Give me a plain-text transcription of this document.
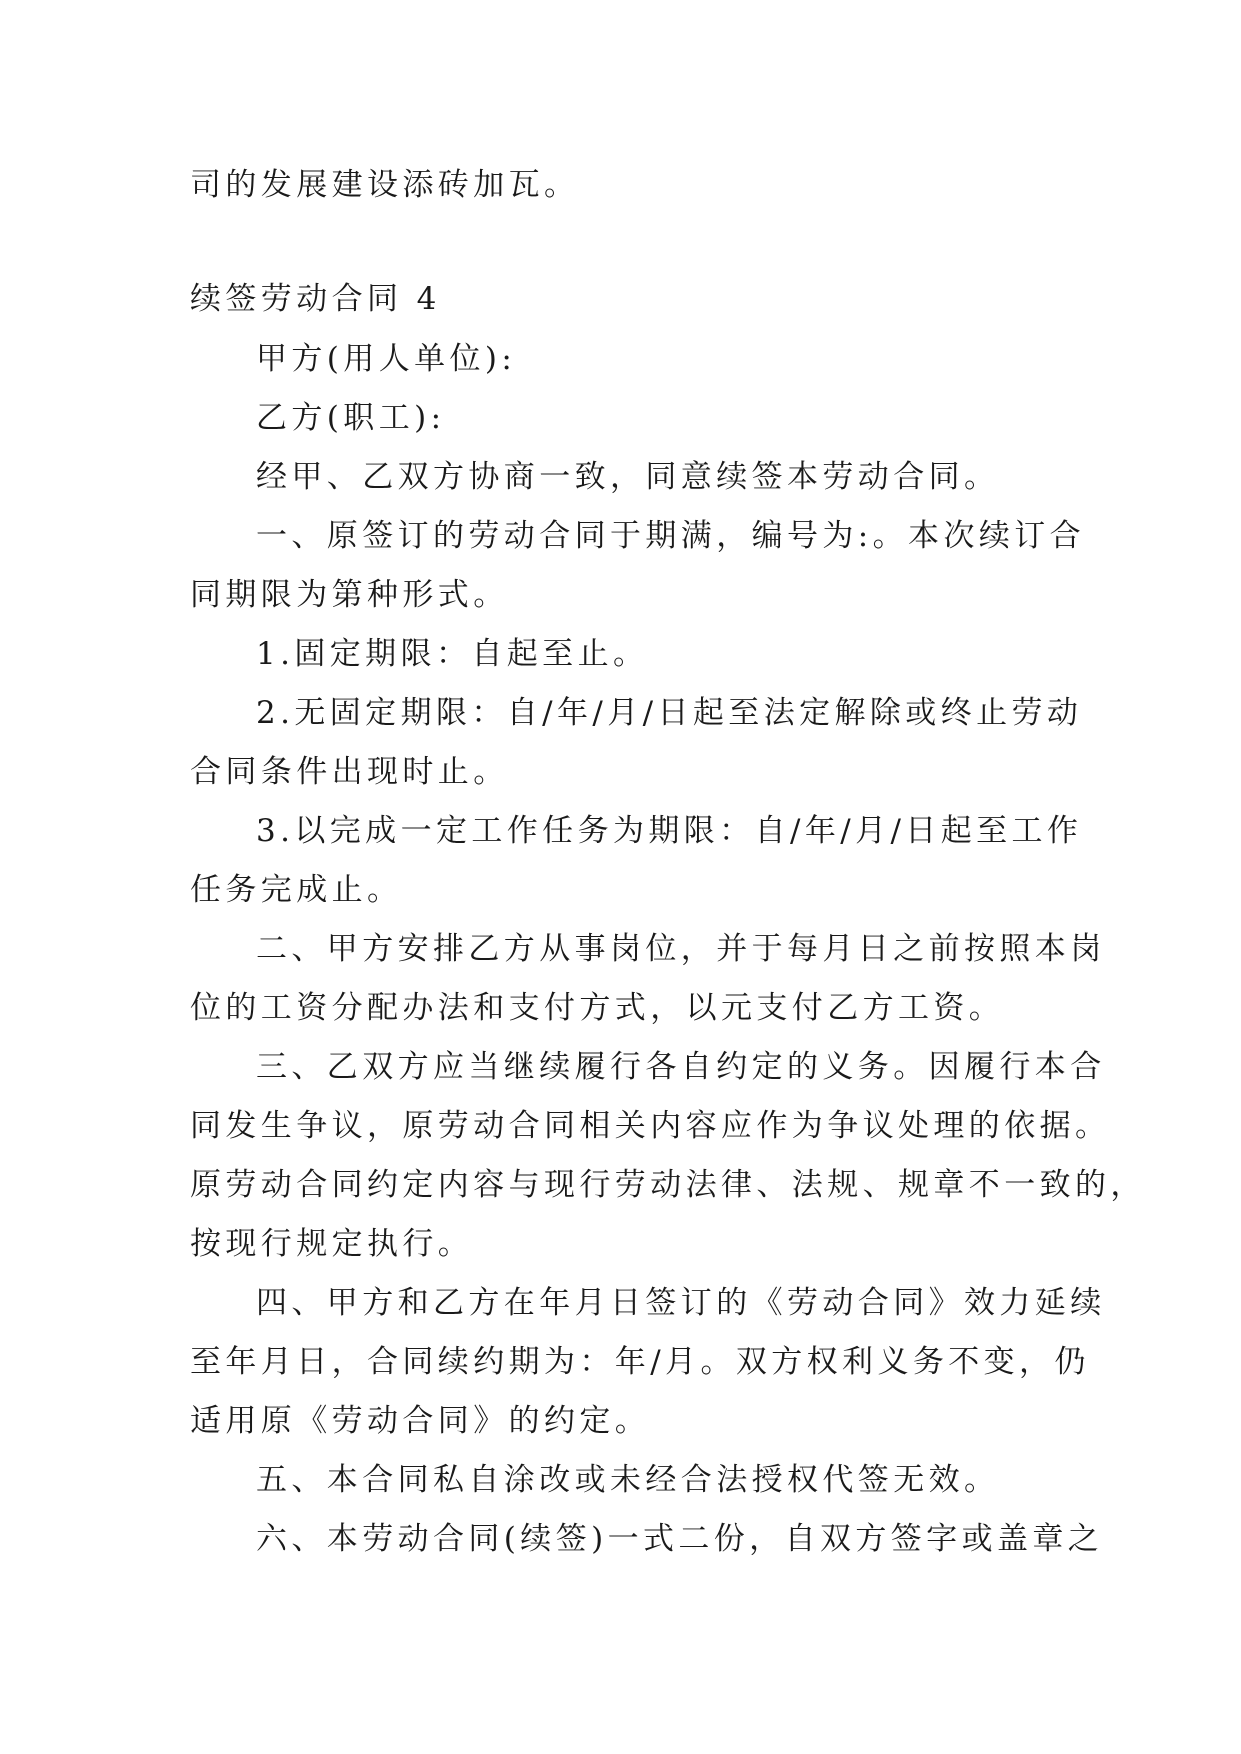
司的发展建设添砖加瓦。
续签劳动合同 4
甲方(用人单位):
乙方(职工):
经甲、乙双方协商一致，同意续签本劳动合同。
一、原签订的劳动合同于期满，编号为:。本次续订合
同期限为第种形式。
1.固定期限：自起至止。
2.无固定期限：自/年/月/日起至法定解除或终止劳动
合同条件出现时止。
3.以完成一定工作任务为期限：自/年/月/日起至工作
任务完成止。
二、甲方安排乙方从事岗位，并于每月日之前按照本岗
位的工资分配办法和支付方式，以元支付乙方工资。
三、乙双方应当继续履行各自约定的义务。因履行本合
同发生争议，原劳动合同相关内容应作为争议处理的依据。
原劳动合同约定内容与现行劳动法律、法规、规章不一致的，
按现行规定执行。
四、甲方和乙方在年月日签订的《劳动合同》效力延续
至年月日，合同续约期为：年/月。双方权利义务不变，仍
适用原《劳动合同》的约定。
五、本合同私自涂改或未经合法授权代签无效。
六、本劳动合同(续签)一式二份，自双方签字或盖章之
